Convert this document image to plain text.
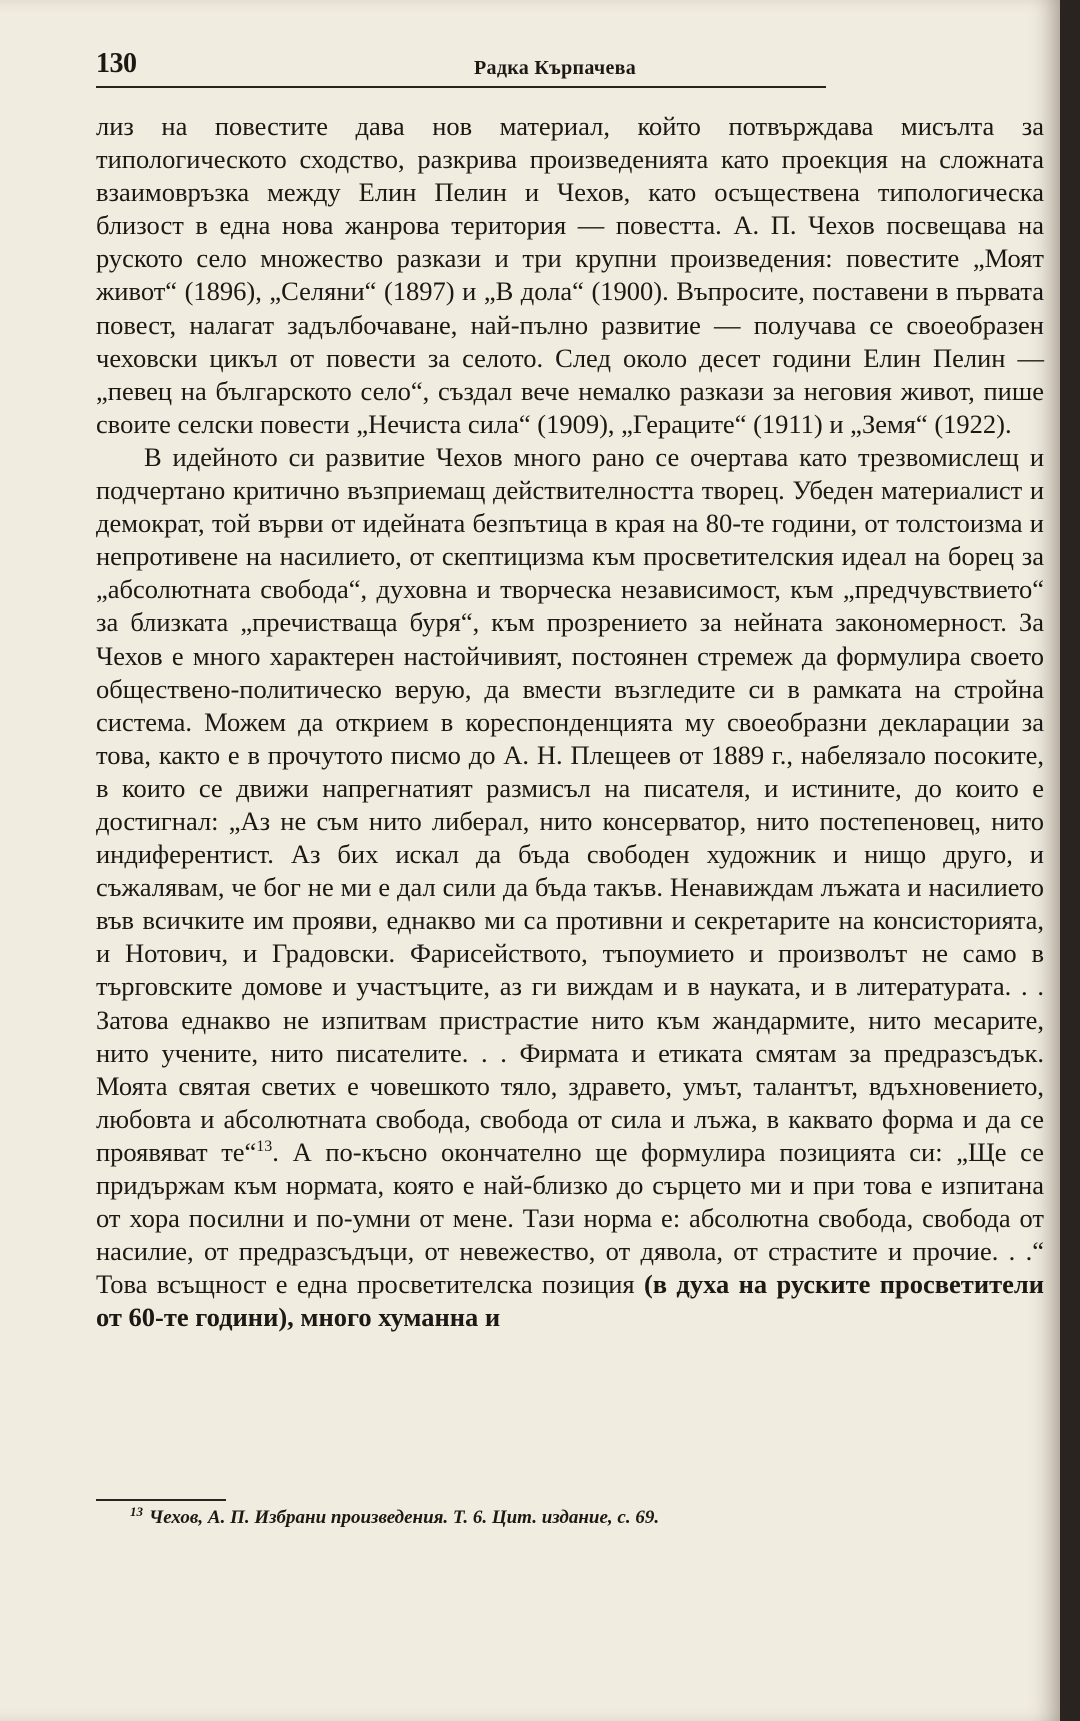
130	Радка Кърпачева

лиз на повестите дава нов материал, който потвърждава мисълта за типологическото сходство, разкрива произведенията като проекция на сложната взаимовръзка между Елин Пелин и Чехов, като осъществена типологическа близост в една нова жанрова територия — повестта. А. П. Чехов посвещава на руското село множество разкази и три крупни произведения: повестите „Моят живот“ (1896), „Селяни“ (1897) и „В дола“ (1900). Въпросите, поставени в първата повест, налагат задълбочаване, най-пълно развитие — получава се своеобразен чеховски цикъл от повести за селото. След около десет години Елин Пелин — „певец на българското село“, създал вече немалко разкази за неговия живот, пише своите селски повести „Нечиста сила“ (1909), „Гераците“ (1911) и „Земя“ (1922).

В идейното си развитие Чехов много рано се очертава като трезвомислещ и подчертано критично възприемащ действителността творец. Убеден материалист и демократ, той върви от идейната безпътица в края на 80-те години, от толстоизма и непротивене на насилието, от скептицизма към просветителския идеал на борец за „абсолютната свобода“, духовна и творческа независимост, към „предчувствието“ за близката „пречистваща буря“, към прозрението за нейната закономерност. За Чехов е много характерен настойчивият, постоянен стремеж да формулира своето обществено-политическо верую, да вмести възгледите си в рамката на стройна система. Можем да открием в кореспонденцията му своеобразни декларации за това, както е в прочутото писмо до А. Н. Плещеев от 1889 г., набелязало посоките, в които се движи напрегнатият размисъл на писателя, и истините, до които е достигнал: „Аз не съм нито либерал, нито консерватор, нито постепеновец, нито индиферентист. Аз бих искал да бъда свободен художник и нищо друго, и съжалявам, че бог не ми е дал сили да бъда такъв. Ненавиждам лъжата и насилието във всичките им прояви, еднакво ми са противни и секретарите на консисторията, и Нотович, и Градовски. Фарисейството, тъпоумието и произволът не само в търговските домове и участъците, аз ги виждам и в науката, и в литературата. . . Затова еднакво не изпитвам пристрастие нито към жандармите, нито месарите, нито учените, нито писателите. . . Фирмата и етиката смятам за предразсъдък. Моята святая светих е човешкото тяло, здравето, умът, талантът, вдъхновението, любовта и абсолютната свобода, свобода от сила и лъжа, в каквато форма и да се проявяват те“$^{13}$. А по-късно окончателно ще формулира позицията си: „Ще се придържам към нормата, която е най-близко до сърцето ми и при това е изпитана от хора посилни и по-умни от мене. Тази норма е: абсолютна свобода, свобода от насилие, от предразсъдъци, от невежество, от дявола, от страстите и прочие. . .“ Това всъщност е една просветителска позиция (в духа на руските просветители от 60-те години), много хуманна и

$^{13}$ Чехов, А. П. Избрани произведения. Т. 6. Цит. издание, с. 69.
